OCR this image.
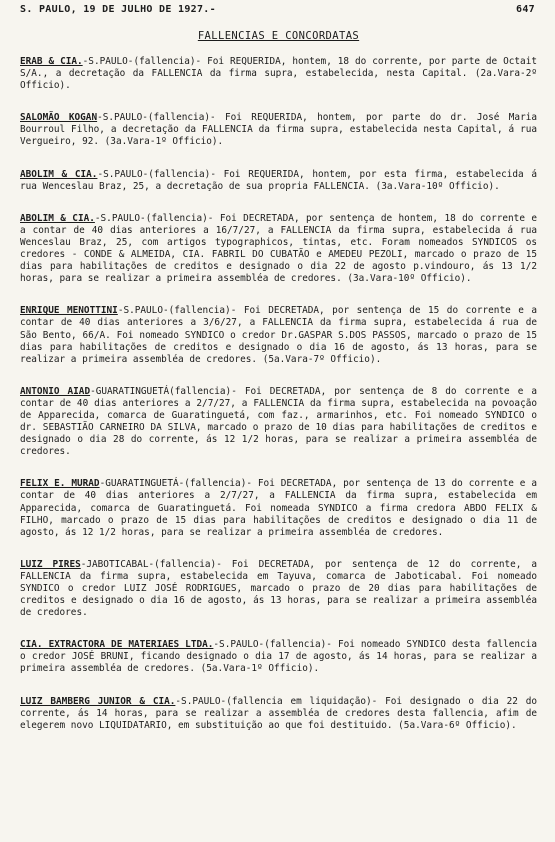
S. PAULO, 19 DE JULHO DE 1927.-	647
FALLENCIAS E CONCORDATAS
ERAB & CIA.-S.PAULO-(fallencia)- Foi REQUERIDA, hontem, 18 do corrente, por parte de Octait S/A., a decretação da FALLENCIA da firma supra, estabelecida, nesta Capital. (2a.Vara-2º Officio).
SALOMÃO KOGAN-S.PAULO-(fallencia)- Foi REQUERIDA, hontem, por parte do dr. José Maria Bourroul Filho, a decretação da FALLENCIA da firma supra, estabelecida nesta Capital, á rua Vergueiro, 92. (3a.Vara-1º Officio).
ABOLIM & CIA.-S.PAULO-(fallencia)- Foi REQUERIDA, hontem, por esta firma, estabelecida á rua Wenceslau Braz, 25, a decretação de sua propria FALLENCIA. (3a.Vara-10º Officio).
ABOLIM & CIA.-S.PAULO-(fallencia)- Foi DECRETADA, por sentença de hontem, 18 do corrente e a contar de 40 dias anteriores a 16/7/27, a FALLENCIA da firma supra, estabelecida á rua Wenceslau Braz, 25, com artigos typographicos, tintas, etc. Foram nomeados SYNDICOS os credores - CONDE & ALMEIDA, CIA. FABRIL DO CUBATÃO e AMEDEU PEZOLI, marcado o prazo de 15 dias para habilitações de creditos e designado o dia 22 de agosto p.vindouro, ás 13 1/2 horas, para se realizar a primeira assembléa de credores. (3a.Vara-10º Officio).
ENRIQUE MENOTTINI-S.PAULO-(fallencia)- Foi DECRETADA, por sentença de 15 do corrente e a contar de 40 dias anteriores a 3/6/27, a FALLENCIA da firma supra, estabelecida á rua de São Bento, 66/A. Foi nomeado SYNDICO o credor Dr.GASPAR S.DOS PASSOS, marcado o prazo de 15 dias para habilitações de creditos e designado o dia 16 de agosto, ás 13 horas, para se realizar a primeira assembléa de credores. (5a.Vara-7º Officio).
ANTONIO AIAD-GUARATINGUETÁ(fallencia)- Foi DECRETADA, por sentença de 8 do corrente e a contar de 40 dias anteriores a 2/7/27, a FALLENCIA da firma supra, estabelecida na povoação de Apparecida, comarca de Guaratinguetá, com faz., armarinhos, etc. Foi nomeado SYNDICO o dr. SEBASTIÃO CARNEIRO DA SILVA, marcado o prazo de 10 dias para habilitações de creditos e designado o dia 28 do corrente, ás 12 1/2 horas, para se realizar a primeira assembléa de credores.
FELIX E. MURAD-GUARATINGUETÁ-(fallencia)- Foi DECRETADA, por sentença de 13 do corrente e a contar de 40 dias anteriores a 2/7/27, a FALLENCIA da firma supra, estabelecida em Apparecida, comarca de Guaratinguetá. Foi nomeada SYNDICO a firma credora ABDO FELIX & FILHO, marcado o prazo de 15 dias para habilitações de creditos e designado o dia 11 de agosto, ás 12 1/2 horas, para se realizar a primeira assembléa de credores.
LUIZ PIRES-JABOTICABAL-(fallencia)- Foi DECRETADA, por sentença de 12 do corrente, a FALLENCIA da firma supra, estabelecida em Tayuva, comarca de Jaboticabal. Foi nomeado SYNDICO o credor LUIZ JOSÉ RODRIGUES, marcado o prazo de 20 dias para habilitações de creditos e designado o dia 16 de agosto, ás 13 horas, para se realizar a primeira assembléa de credores.
CIA. EXTRACTORA DE MATERIAES LTDA.-S.PAULO-(fallencia)- Foi nomeado SYNDICO desta fallencia o credor JOSÉ BRUNI, ficando designado o dia 17 de agosto, ás 14 horas, para se realizar a primeira assembléa de credores. (5a.Vara-1º Officio).
LUIZ BAMBERG JUNIOR & CIA.-S.PAULO-(fallencia em liquidação)- Foi designado o dia 22 do corrente, ás 14 horas, para se realizar a assembléa de credores desta fallencia, afim de elegerem novo LIQUIDATARIO, em substituição ao que foi destituido. (5a.Vara-6º Officio).
